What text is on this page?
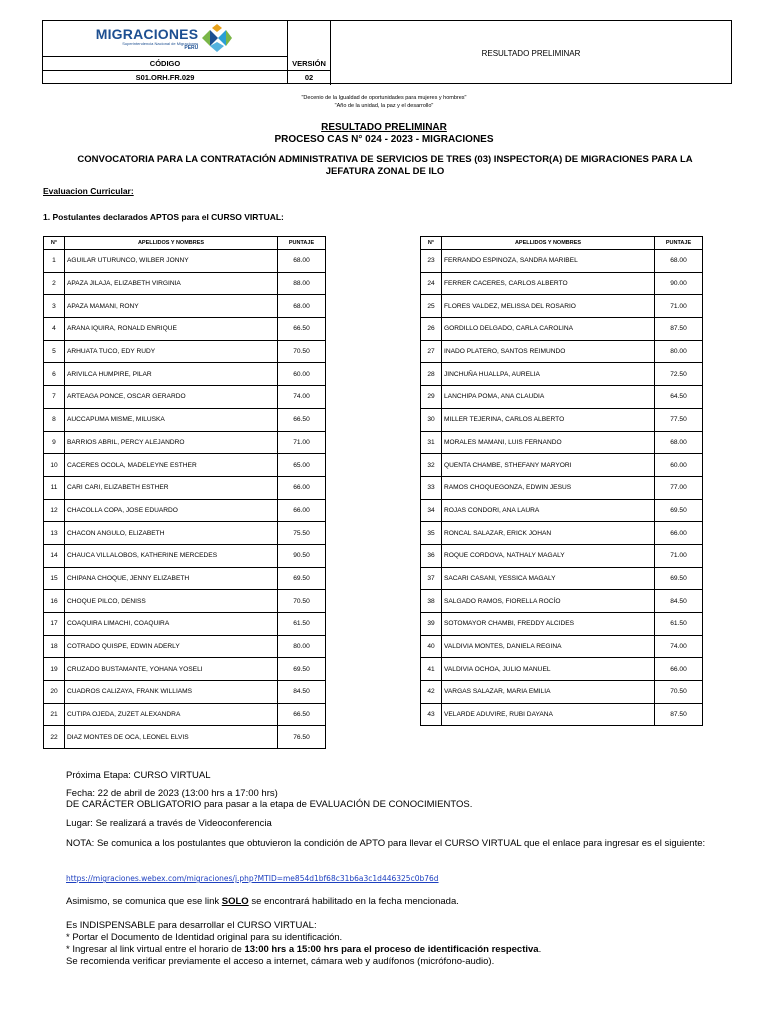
MIGRACIONES
Superintendencia Nacional de Migraciones
PERÚ
RESULTADO PRELIMINAR
CÓDIGO
S01.ORH.FR.029
VERSIÓN
02
"Decenio de la Igualdad de oportunidades para mujeres y hombres"
"Año de la unidad, la paz y el desarrollo"
RESULTADO PRELIMINAR
PROCESO CAS N° 024 - 2023 - MIGRACIONES
CONVOCATORIA PARA LA CONTRATACIÓN ADMINISTRATIVA DE SERVICIOS DE TRES (03) INSPECTOR(A) DE MIGRACIONES PARA LA JEFATURA ZONAL DE ILO
Evaluacion Curricular:
1. Postulantes declarados APTOS para el CURSO VIRTUAL:
N°	APELLIDOS Y NOMBRES	PUNTAJE
1	AGUILAR UTURUNCO, WILBER JONNY	68.00
2	APAZA JILAJA, ELIZABETH VIRGINIA	88.00
3	APAZA MAMANI, RONY	68.00
4	ARANA IQUIRA, RONALD ENRIQUE	66.50
5	ARHUATA TUCO, EDY RUDY	70.50
6	ARIVILCA HUMPIRE, PILAR	60.00
7	ARTEAGA PONCE, OSCAR GERARDO	74.00
8	AUCCAPUMA MISME, MILUSKA	66.50
9	BARRIOS ABRIL, PERCY ALEJANDRO	71.00
10	CACERES OCOLA, MADELEYNE ESTHER	65.00
11	CARI CARI, ELIZABETH ESTHER	66.00
12	CHACOLLA COPA, JOSE EDUARDO	66.00
13	CHACON ANGULO, ELIZABETH	75.50
14	CHAUCA VILLALOBOS, KATHERINE MERCEDES	90.50
15	CHIPANA CHOQUE, JENNY ELIZABETH	69.50
16	CHOQUE PILCO, DENISS	70.50
17	COAQUIRA LIMACHI, COAQUIRA	61.50
18	COTRADO QUISPE, EDWIN ADERLY	80.00
19	CRUZADO BUSTAMANTE, YOHANA YOSELI	69.50
20	CUADROS CALIZAYA, FRANK WILLIAMS	84.50
21	CUTIPA OJEDA, ZUZET ALEXANDRA	66.50
22	DIAZ MONTES DE OCA, LEONEL ELVIS	76.50
N°	APELLIDOS Y NOMBRES	PUNTAJE
23	FERRANDO ESPINOZA, SANDRA MARIBEL	68.00
24	FERRER CACERES, CARLOS ALBERTO	90.00
25	FLORES VALDEZ, MELISSA DEL ROSARIO	71.00
26	GORDILLO DELGADO, CARLA CAROLINA	87.50
27	INADO PLATERO, SANTOS REIMUNDO	80.00
28	JINCHUÑA HUALLPA, AURELIA	72.50
29	LANCHIPA POMA, ANA CLAUDIA	64.50
30	MILLER TEJERINA, CARLOS ALBERTO	77.50
31	MORALES MAMANI, LUIS FERNANDO	68.00
32	QUENTA CHAMBE, STHEFANY MARYORI	60.00
33	RAMOS CHOQUEGONZA, EDWIN JESUS	77.00
34	ROJAS CONDORI, ANA LAURA	69.50
35	RONCAL SALAZAR, ERICK JOHAN	66.00
36	ROQUE CORDOVA, NATHALY MAGALY	71.00
37	SACARI CASANI, YESSICA MAGALY	69.50
38	SALGADO RAMOS, FIORELLA ROCÍO	84.50
39	SOTOMAYOR CHAMBI, FREDDY ALCIDES	61.50
40	VALDIVIA MONTES, DANIELA REGINA	74.00
41	VALDIVIA OCHOA, JULIO MANUEL	66.00
42	VARGAS SALAZAR, MARIA EMILIA	70.50
43	VELARDE ADUVIRE, RUBI DAYANA	87.50
Próxima Etapa: CURSO VIRTUAL
Fecha: 22 de abril de 2023 (13:00 hrs a 17:00 hrs)
DE CARÁCTER OBLIGATORIO para pasar a la etapa de EVALUACIÓN DE CONOCIMIENTOS.
Lugar: Se realizará a través de Videoconferencia
NOTA: Se comunica a los postulantes que obtuvieron la condición de APTO para llevar el CURSO VIRTUAL que el enlace para ingresar es el siguiente:
https://migraciones.webex.com/migraciones/j.php?MTID=me854d1bf68c31b6a3c1d446325c0b76d
Asimismo, se comunica que ese link SOLO se encontrará habilitado en la fecha mencionada.
Es INDISPENSABLE para desarrollar el CURSO VIRTUAL:
* Portar el Documento de Identidad original para su identificación.
* Ingresar al link virtual entre el horario de 13:00 hrs a 15:00 hrs para el proceso de identificación respectiva.
Se recomienda verificar previamente el acceso a internet, cámara web y audífonos (micrófono-audio).
